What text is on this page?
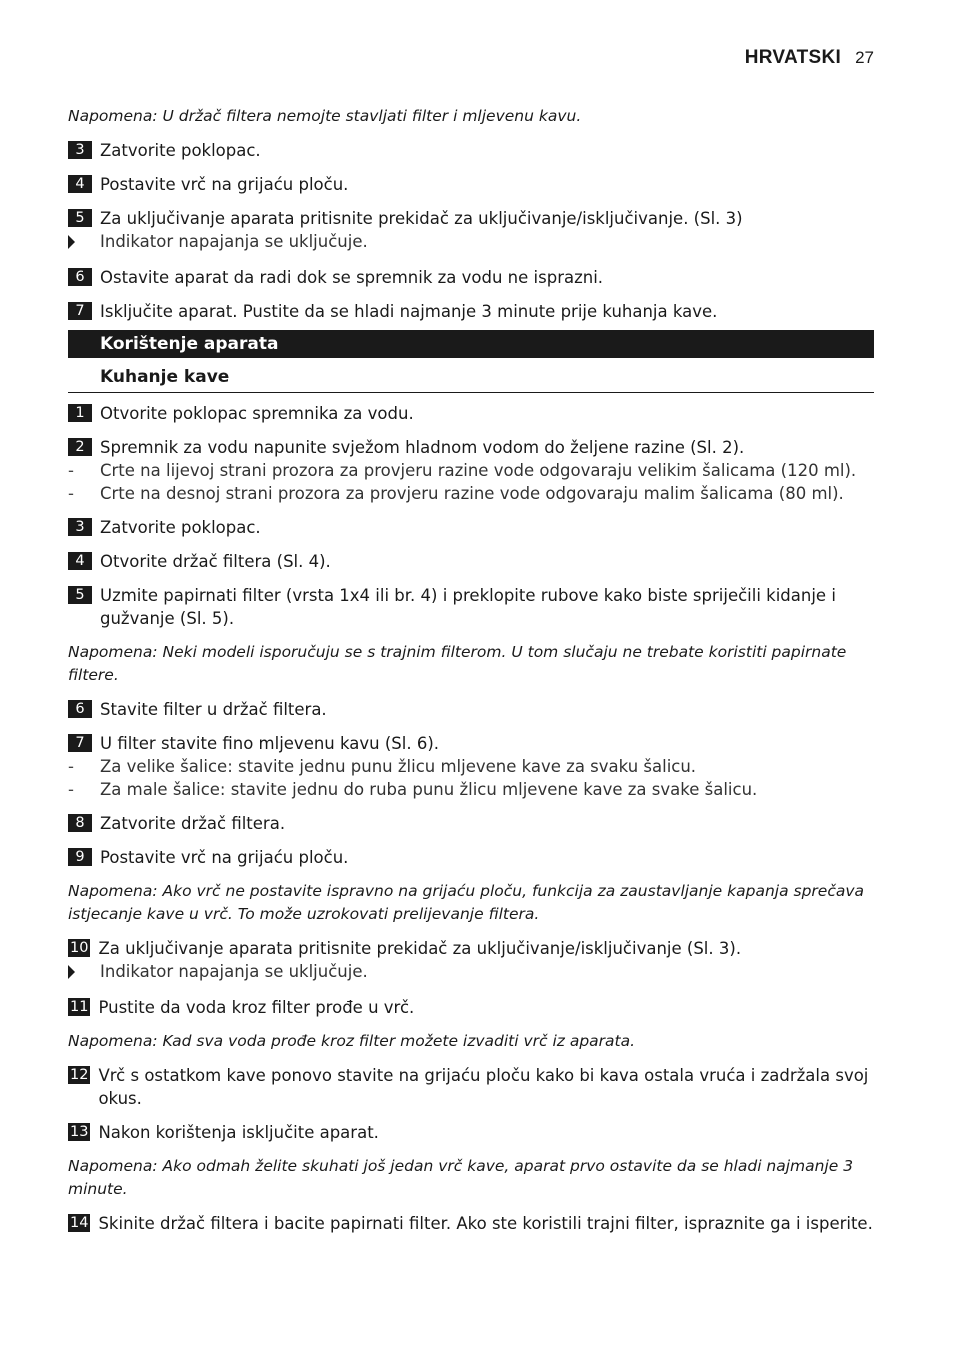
HRVATSKI 27
Napomena: U držač filtera nemojte stavljati filter i mljevenu kavu.
3 Zatvorite poklopac.
4 Postavite vrč na grijaću ploču.
5 Za uključivanje aparata pritisnite prekidač za uključivanje/isključivanje. (Sl. 3)
Indikator napajanja se uključuje.
6 Ostavite aparat da radi dok se spremnik za vodu ne isprazni.
7 Isključite aparat. Pustite da se hladi najmanje 3 minute prije kuhanja kave.
Korištenje aparata
Kuhanje kave
1 Otvorite poklopac spremnika za vodu.
2 Spremnik za vodu napunite svježom hladnom vodom do željene razine (Sl. 2).
-	Crte na lijevoj strani prozora za provjeru razine vode odgovaraju velikim šalicama (120 ml).
-	Crte na desnoj strani prozora za provjeru razine vode odgovaraju malim šalicama (80 ml).
3 Zatvorite poklopac.
4 Otvorite držač filtera (Sl. 4).
5 Uzmite papirnati filter (vrsta 1x4 ili br. 4) i preklopite rubove kako biste spriječili kidanje i gužvanje (Sl. 5).
Napomena: Neki modeli isporučuju se s trajnim filterom. U tom slučaju ne trebate koristiti papirnate filtere.
6 Stavite filter u držač filtera.
7 U filter stavite fino mljevenu kavu (Sl. 6).
-	Za velike šalice: stavite jednu punu žlicu mljevene kave za svaku šalicu.
-	Za male šalice: stavite jednu do ruba punu žlicu mljevene kave za svake šalicu.
8 Zatvorite držač filtera.
9 Postavite vrč na grijaću ploču.
Napomena: Ako vrč ne postavite ispravno na grijaću ploču, funkcija za zaustavljanje kapanja sprečava istjecanje kave u vrč. To može uzrokovati prelijevanje filtera.
10 Za uključivanje aparata pritisnite prekidač za uključivanje/isključivanje (Sl. 3).
Indikator napajanja se uključuje.
11 Pustite da voda kroz filter prođe u vrč.
Napomena: Kad sva voda prođe kroz filter možete izvaditi vrč iz aparata.
12 Vrč s ostatkom kave ponovo stavite na grijaću ploču kako bi kava ostala vruća i zadržala svoj okus.
13 Nakon korištenja isključite aparat.
Napomena: Ako odmah želite skuhati još jedan vrč kave, aparat prvo ostavite da se hladi najmanje 3 minute.
14 Skinite držač filtera i bacite papirnati filter. Ako ste koristili trajni filter, ispraznite ga i isperite.
